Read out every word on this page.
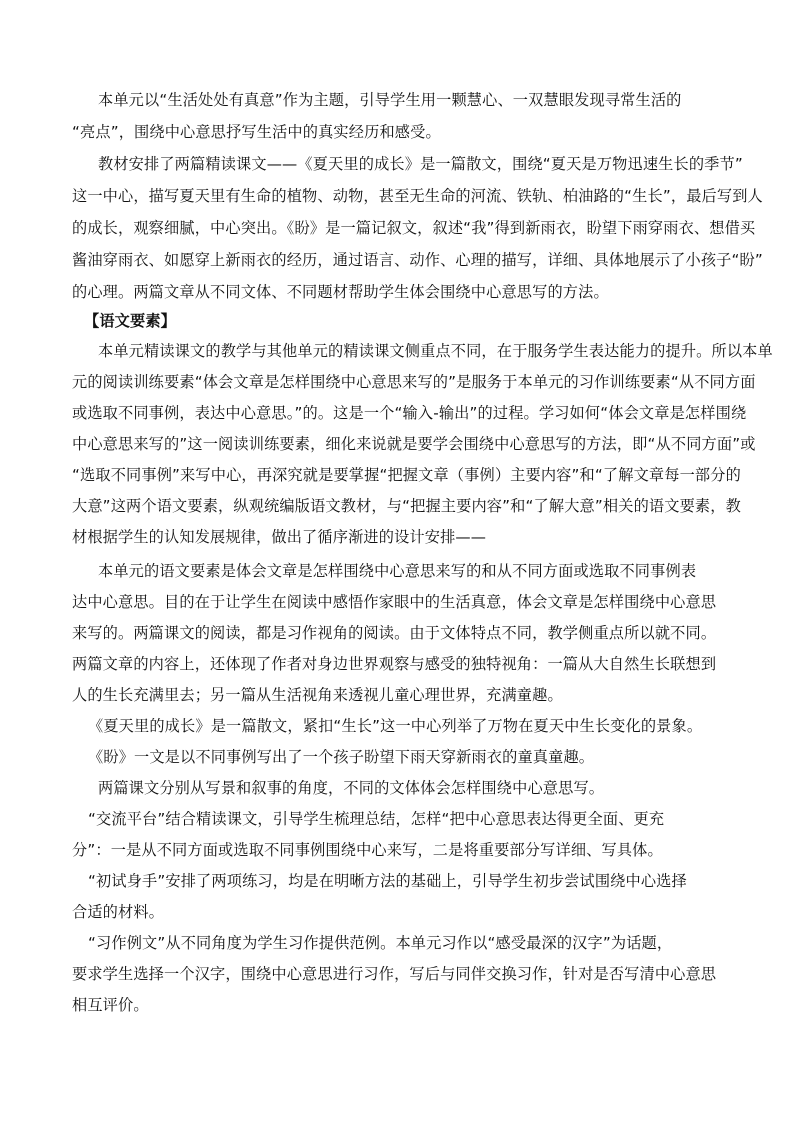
本单元以“生活处处有真意”作为主题，引导学生用一颗慧心、一双慧眼发现寻常生活的
“亮点”，围绕中心意思抒写生活中的真实经历和感受。
教材安排了两篇精读课文——《夏天里的成长》是一篇散文，围绕“夏天是万物迅速生长的季节”
这一中心，描写夏天里有生命的植物、动物，甚至无生命的河流、铁轨、柏油路的“生长”，最后写到人
的成长，观察细腻，中心突出。《盼》是一篇记叙文，叙述“我”得到新雨衣，盼望下雨穿雨衣、想借买
酱油穿雨衣、如愿穿上新雨衣的经历，通过语言、动作、心理的描写，详细、具体地展示了小孩子“盼”
的心理。两篇文章从不同文体、不同题材帮助学生体会围绕中心意思写的方法。
【语文要素】
本单元精读课文的教学与其他单元的精读课文侧重点不同，在于服务学生表达能力的提升。所以本单
元的阅读训练要素“体会文章是怎样围绕中心意思来写的”是服务于本单元的习作训练要素“从不同方面
或选取不同事例，表达中心意思。”的。这是一个“输入-输出”的过程。学习如何“体会文章是怎样围绕
中心意思来写的”这一阅读训练要素，细化来说就是要学会围绕中心意思写的方法，即“从不同方面”或
“选取不同事例”来写中心，再深究就是要掌握“把握文章（事例）主要内容”和“了解文章每一部分的
大意”这两个语文要素，纵观统编版语文教材，与“把握主要内容”和“了解大意”相关的语文要素，教
材根据学生的认知发展规律，做出了循序渐进的设计安排——
本单元的语文要素是体会文章是怎样围绕中心意思来写的和从不同方面或选取不同事例表
达中心意思。目的在于让学生在阅读中感悟作家眼中的生活真意，体会文章是怎样围绕中心意思
来写的。两篇课文的阅读，都是习作视角的阅读。由于文体特点不同，教学侧重点所以就不同。
两篇文章的内容上，还体现了作者对身边世界观察与感受的独特视角：一篇从大自然生长联想到
人的生长充满里去；另一篇从生活视角来透视儿童心理世界，充满童趣。
《夏天里的成长》是一篇散文，紧扣“生长”这一中心列举了万物在夏天中生长变化的景象。
《盼》一文是以不同事例写出了一个孩子盼望下雨天穿新雨衣的童真童趣。
两篇课文分别从写景和叙事的角度，不同的文体体会怎样围绕中心意思写。
“交流平台”结合精读课文，引导学生梳理总结，怎样“把中心意思表达得更全面、更充
分”：一是从不同方面或选取不同事例围绕中心来写，二是将重要部分写详细、写具体。
“初试身手”安排了两项练习，均是在明晰方法的基础上，引导学生初步尝试围绕中心选择
合适的材料。
“习作例文”从不同角度为学生习作提供范例。本单元习作以“感受最深的汉字”为话题，
要求学生选择一个汉字，围绕中心意思进行习作，写后与同伴交换习作，针对是否写清中心意思
相互评价。
